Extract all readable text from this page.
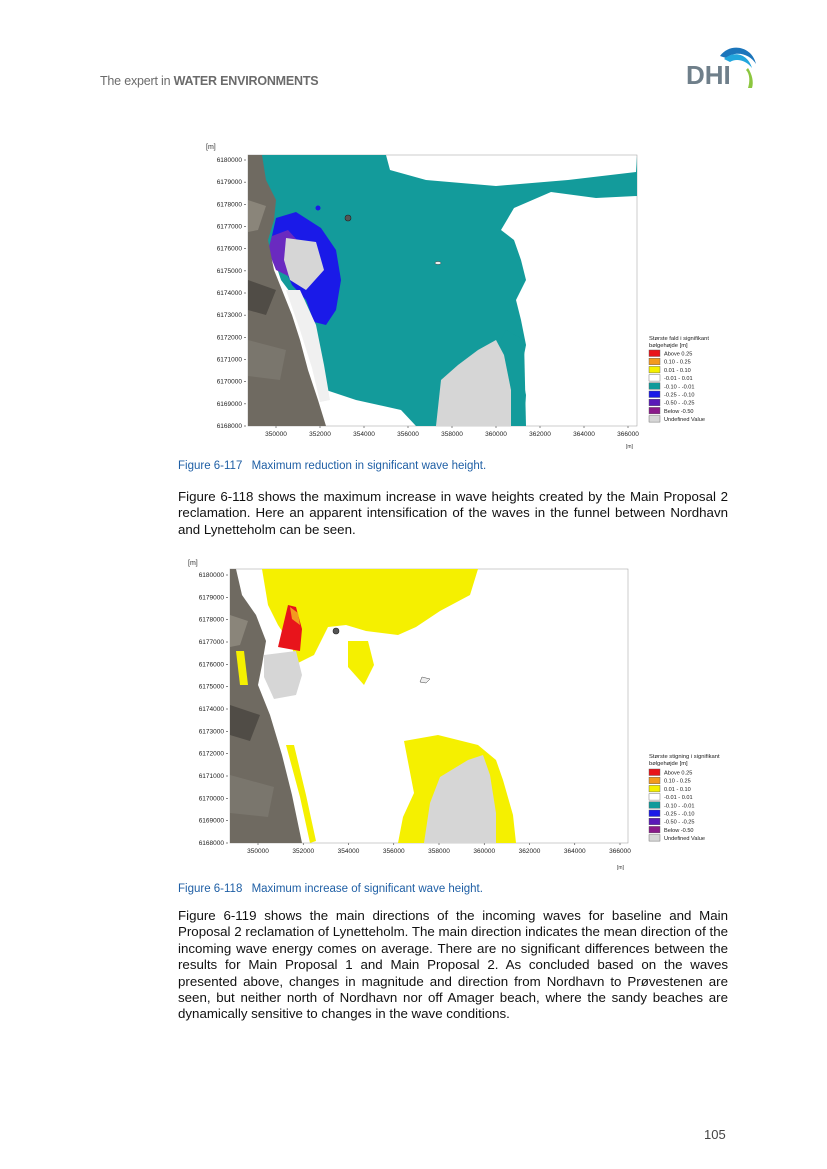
The expert in WATER ENVIRONMENTS	DHI
[m]
6180000
6179000
6178000
6177000
6176000
6175000
6174000
6173000
6172000
6171000
6170000
6169000
6168000
350000	352000	354000	356000	358000	360000	362000	364000	366000
[m]
Største fald i signifikant
bølgehøjde [m]
Above 0.25
0.10 - 0.25
0.01 - 0.10
-0.01 - 0.01
-0.10 - -0.01
-0.25 - -0.10
-0.50 - -0.25
Below -0.50
Undefined Value
Figure 6-117 Maximum reduction in significant wave height.
Figure 6-118 shows the maximum increase in wave heights created by the Main Proposal 2 reclamation. Here an apparent intensification of the waves in the funnel between Nordhavn and Lynetteholm can be seen.
[m]
6180000
6179000
6178000
6177000
6176000
6175000
6174000
6173000
6172000
6171000
6170000
6169000
6168000
350000	352000	354000	356000	358000	360000	362000	364000	366000
[m]
Største stigning i signifikant
bølgehøjde [m]
Above 0.25
0.10 - 0.25
0.01 - 0.10
-0.01 - 0.01
-0.10 - -0.01
-0.25 - -0.10
-0.50 - -0.25
Below -0.50
Undefined Value
Figure 6-118 Maximum increase of significant wave height.
Figure 6-119 shows the main directions of the incoming waves for baseline and Main Proposal 2 reclamation of Lynetteholm. The main direction indicates the mean direction of the incoming wave energy comes on average. There are no significant differences between the results for Main Proposal 1 and Main Proposal 2. As concluded based on the waves presented above, changes in magnitude and direction from Nordhavn to Prøvestenen are seen, but neither north of Nordhavn nor off Amager beach, where the sandy beaches are dynamically sensitive to changes in the wave conditions.
105
